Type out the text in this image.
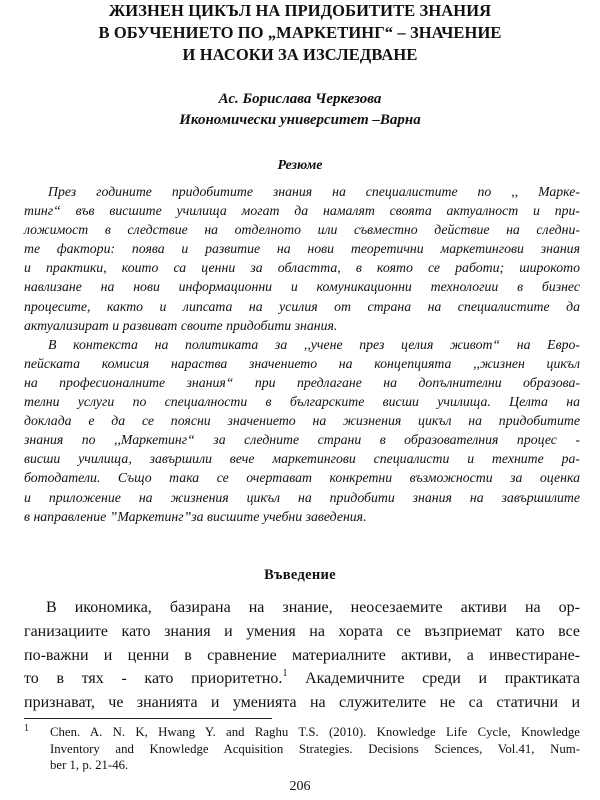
ЖИЗНЕН ЦИКЪЛ НА ПРИДОБИТИТЕ ЗНАНИЯ
В ОБУЧЕНИЕТО ПО „МАРКЕТИНГ“ – ЗНАЧЕНИЕ
И НАСОКИ ЗА ИЗСЛЕДВАНЕ
Ас. Борислава Черкезова
Икономически университет –Варна
Резюме
През годините придобитите знания на специалистите по ,, Марке-
тинг“ във висшите училища могат да намалят своята актуалност и при-
ложимост в следствие на отделното или съвместно действие на следни-
те фактори: поява и развитие на нови теоретични маркетингови знания
и практики, които са ценни за областта, в която се работи; широкото
навлизане на нови информационни и комуникационни технологии в бизнес
процесите, както и липсата на усилия от страна на специалистите да
актуализират и развиват своите придобити знания.
В контекста на политиката за ,,учене през целия живот“ на Евро-
пейската комисия нараства значението на концепцията ,,жизнен цикъл
на професионалните знания“ при предлагане на допълнителни образова-
телни услуги по специалности в българските висши училища. Целта на
доклада е да се поясни значението на жизнения цикъл на придобитите
знания по ,,Маркетинг“ за следните страни в образователния процес -
висши училища, завършили вече маркетингови специалисти и техните ра-
ботодатели. Също така се очертават конкретни възможности за оценка
и приложение на жизнения цикъл на придобити знания на завършилите
в направление ”Маркетинг”за висшите учебни заведения.
Въведение
В икономика, базирана на знание, неосезаемите активи на ор-
ганизациите като знания и умения на хората се възприемат като все
по-важни и ценни в сравнение материалните активи, а инвестиране-
то в тях - като приоритетно.$^1$ Академичните среди и практиката
признават, че знанията и уменията на служителите не са статични и
1 Chen. A. N. K, Hwang Y. and Raghu T.S. (2010). Knowledge Life Cycle, Knowledge
Inventory and Knowledge Acquisition Strategies. Decisions Sciences, Vol.41, Num-
ber 1, p. 21-46.
206
